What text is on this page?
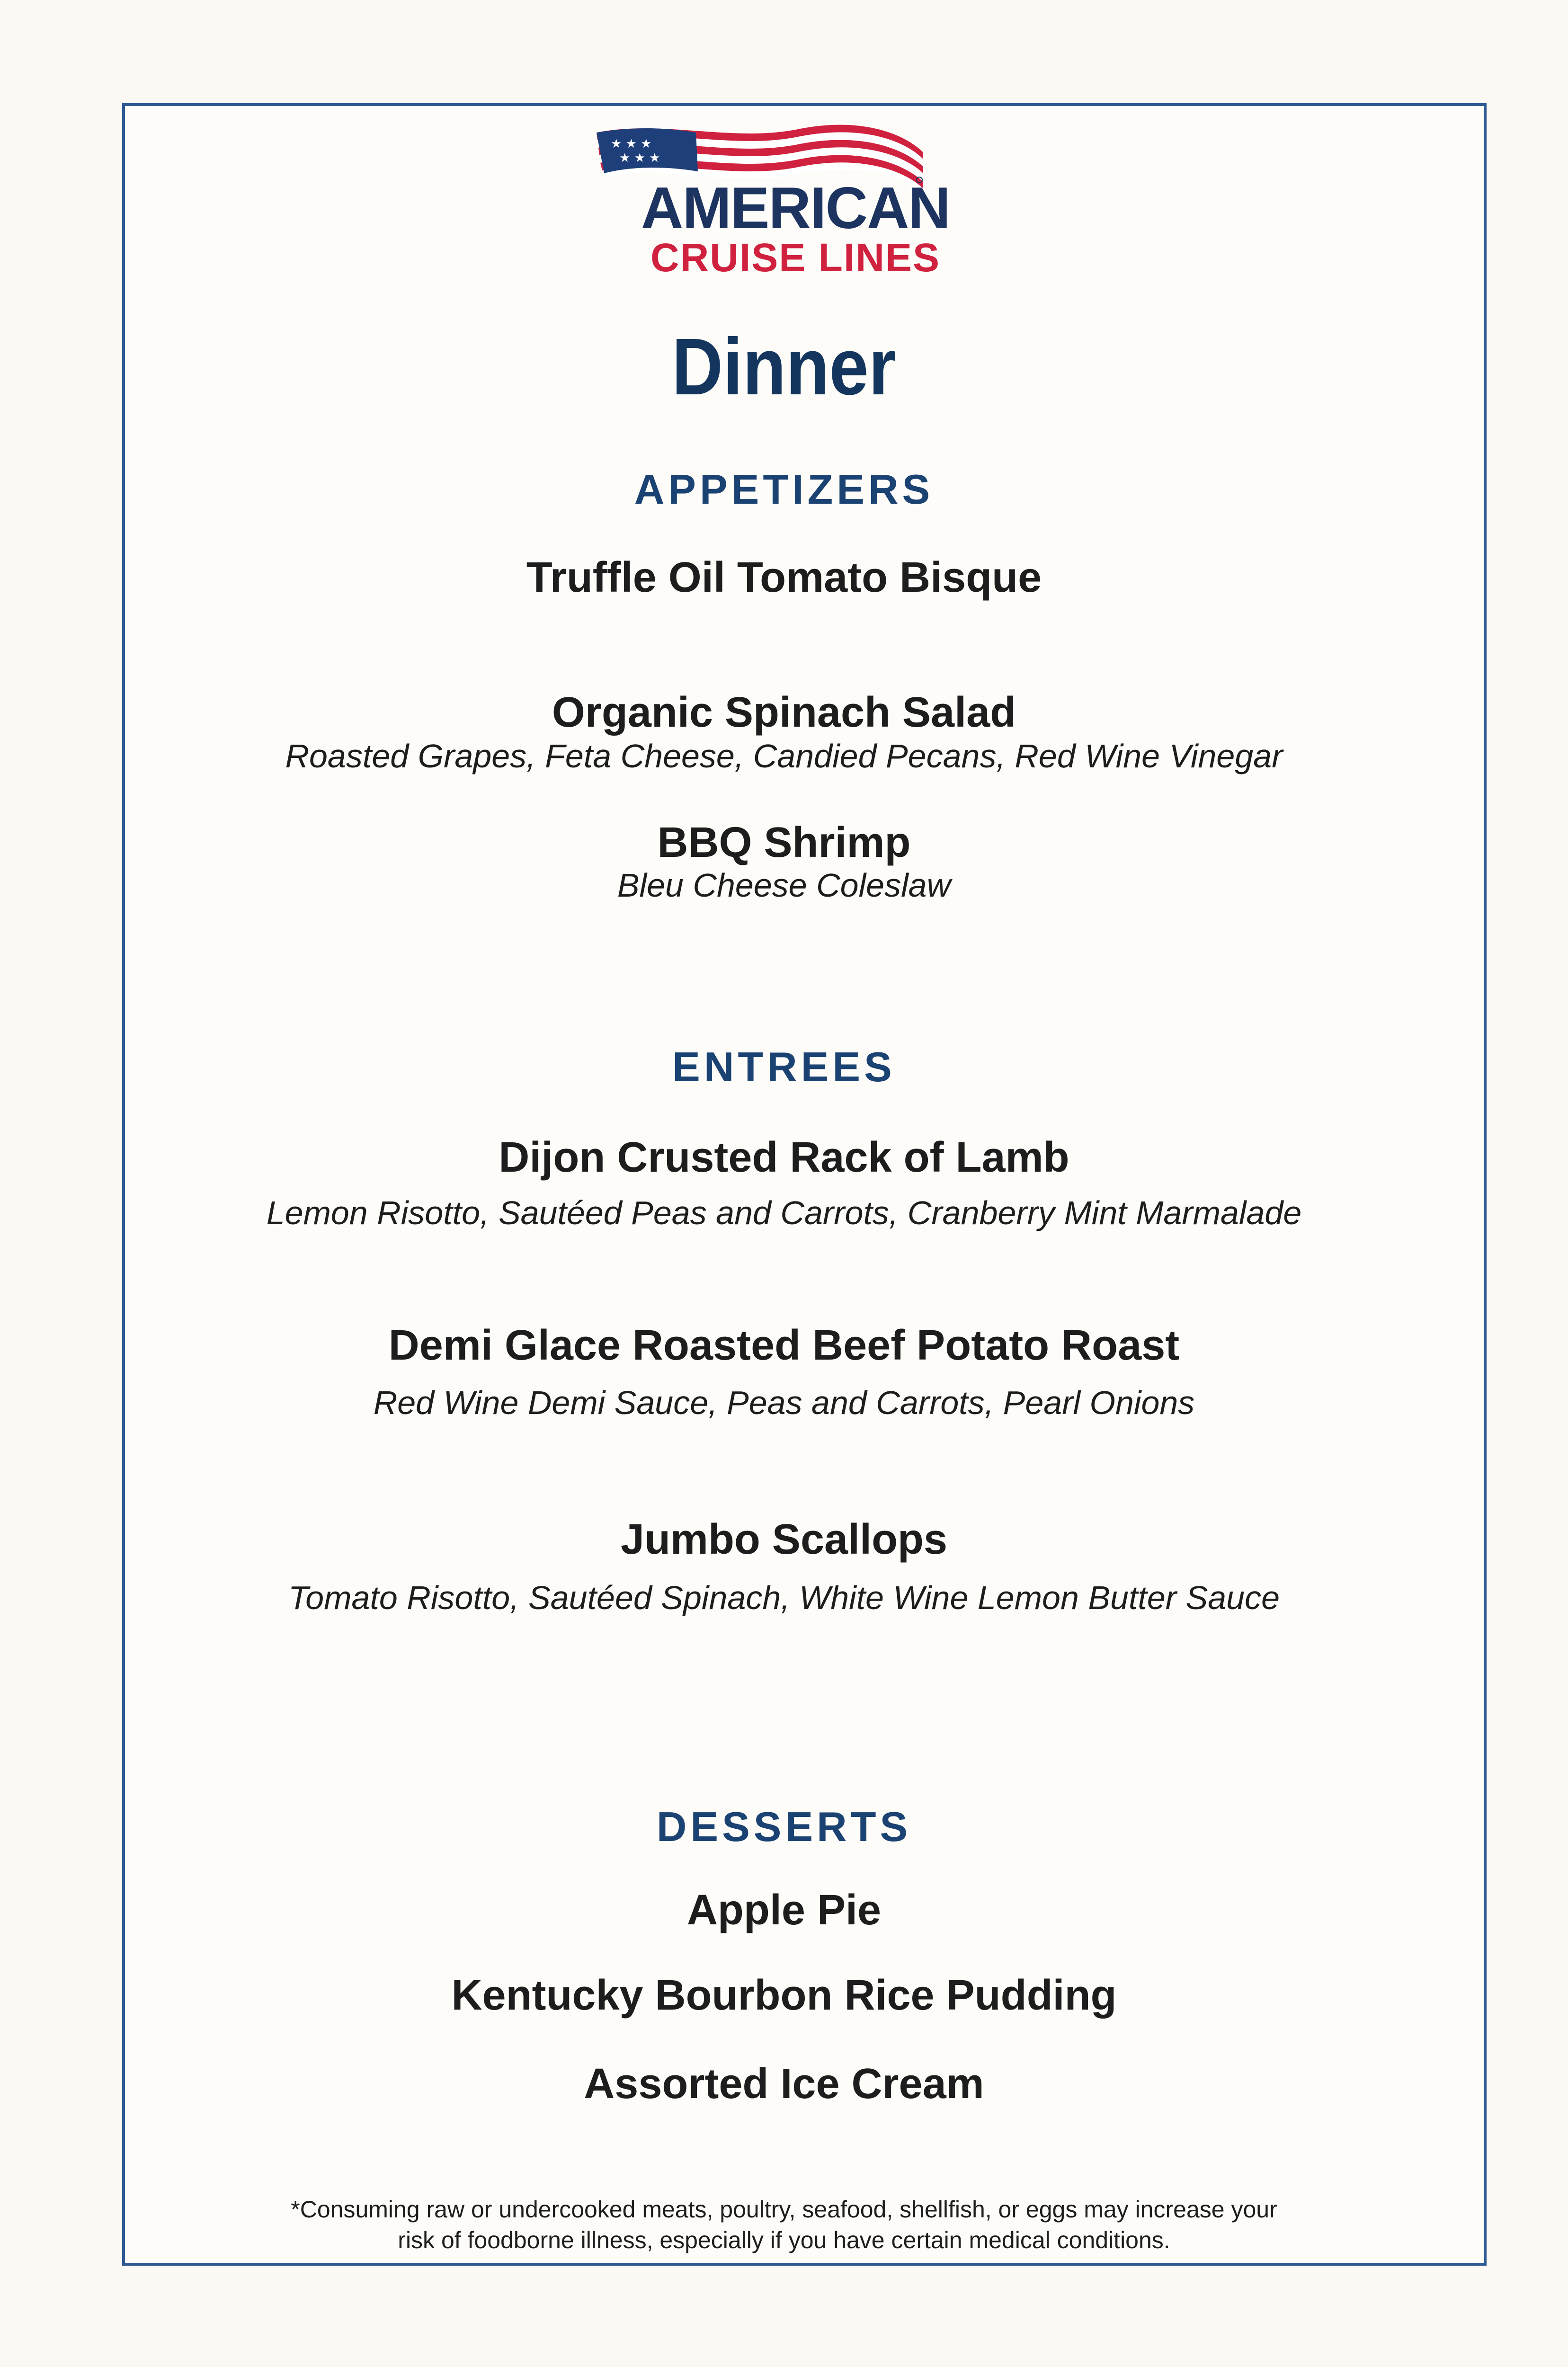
★ ★ ★
★ ★ ★
AMERICAN
CRUISE LINES
Dinner
APPETIZERS
Truffle Oil Tomato Bisque
Organic Spinach Salad
Roasted Grapes, Feta Cheese, Candied Pecans, Red Wine Vinegar
BBQ Shrimp
Bleu Cheese Coleslaw
ENTREES
Dijon Crusted Rack of Lamb
Lemon Risotto, Sautéed Peas and Carrots, Cranberry Mint Marmalade
Demi Glace Roasted Beef Potato Roast
Red Wine Demi Sauce, Peas and Carrots, Pearl Onions
Jumbo Scallops
Tomato Risotto, Sautéed Spinach, White Wine Lemon Butter Sauce
DESSERTS
Apple Pie
Kentucky Bourbon Rice Pudding
Assorted Ice Cream
*Consuming raw or undercooked meats, poultry, seafood, shellfish, or eggs may increase your risk of foodborne illness, especially if you have certain medical conditions.
